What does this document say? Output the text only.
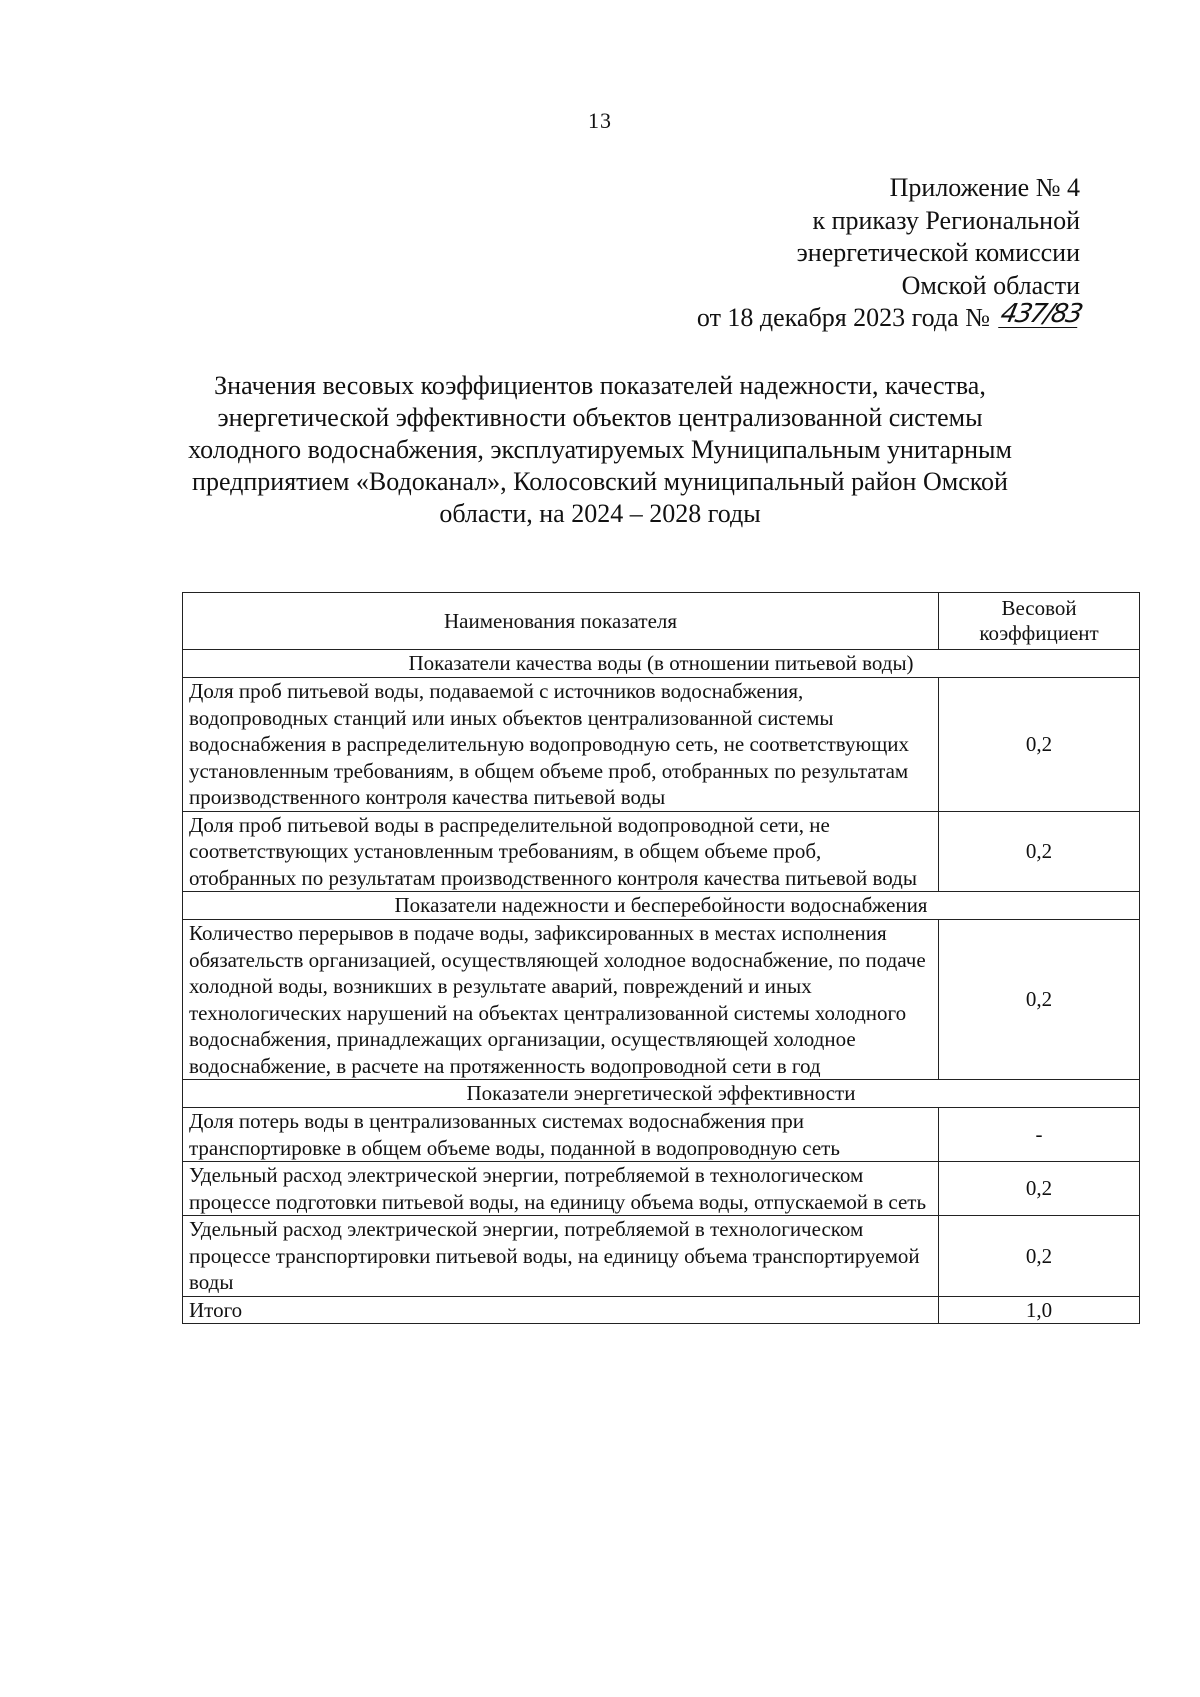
13
Приложение № 4
к приказу Региональной
энергетической комиссии
Омской области
от 18 декабря 2023 года № 437/83
Значения весовых коэффициентов показателей надежности, качества,
энергетической эффективности объектов централизованной системы
холодного водоснабжения, эксплуатируемых Муниципальным унитарным
предприятием «Водоканал», Колосовский муниципальный район Омской
области, на 2024 – 2028 годы
Наименования показателя	Весовой коэффициент
Показатели качества воды (в отношении питьевой воды)	
Доля проб питьевой воды, подаваемой с источников водоснабжения, водопроводных станций или иных объектов централизованной системы водоснабжения в распределительную водопроводную сеть, не соответствующих установленным требованиям, в общем объеме проб, отобранных по результатам производственного контроля качества питьевой воды	0,2
Доля проб питьевой воды в распределительной водопроводной сети, не соответствующих установленным требованиям, в общем объеме проб, отобранных по результатам производственного контроля качества питьевой воды	0,2
Показатели надежности и бесперебойности водоснабжения	
Количество перерывов в подаче воды, зафиксированных в местах исполнения обязательств организацией, осуществляющей холодное водоснабжение, по подаче холодной воды, возникших в результате аварий, повреждений и иных технологических нарушений на объектах централизованной системы холодного водоснабжения, принадлежащих организации, осуществляющей холодное водоснабжение, в расчете на протяженность водопроводной сети в год	0,2
Показатели энергетической эффективности	
Доля потерь воды в централизованных системах водоснабжения при транспортировке в общем объеме воды, поданной в водопроводную сеть	-
Удельный расход электрической энергии, потребляемой в технологическом процессе подготовки питьевой воды, на единицу объема воды, отпускаемой в сеть	0,2
Удельный расход электрической энергии, потребляемой в технологическом процессе транспортировки питьевой воды, на единицу объема транспортируемой воды	0,2
Итого	1,0
